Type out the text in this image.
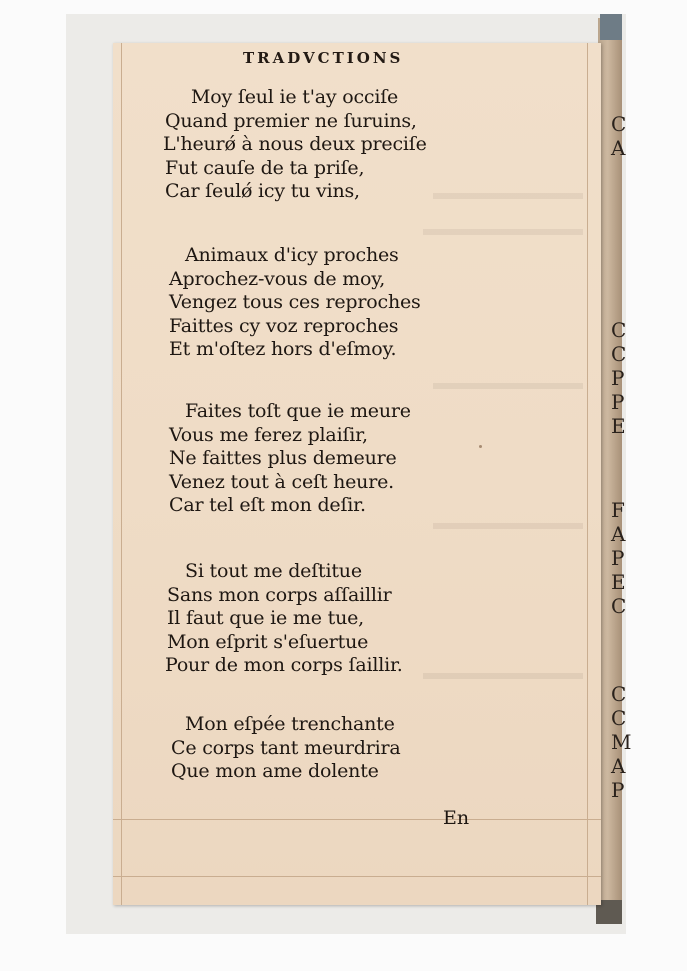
C
A
C
C
P
P
E
F
A
P
E
C
C
C
M
A
P
TRADVCTIONS
Moy ſeul ie t'ay occiſe
Quand premier ne ſuruins,
L'heurǿ à nous deux preciſe
Fut cauſe de ta priſe,
Car ſeulǿ icy tu vins,
Animaux d'icy proches
Aprochez-vous de moy,
Vengez tous ces reproches
Faittes cy voz reproches
Et m'oſtez hors d'eſmoy.
Faites toſt que ie meure
Vous me ferez plaiſir,
Ne faittes plus demeure
Venez tout à ceſt heure.
Car tel eſt mon deſir.
Si tout me deſtitue
Sans mon corps aſſaillir
Il faut que ie me tue,
Mon eſprit s'eſuertue
Pour de mon corps ſaillir.
Mon eſpée trenchante
Ce corps tant meurdrira
Que mon ame dolente
En
